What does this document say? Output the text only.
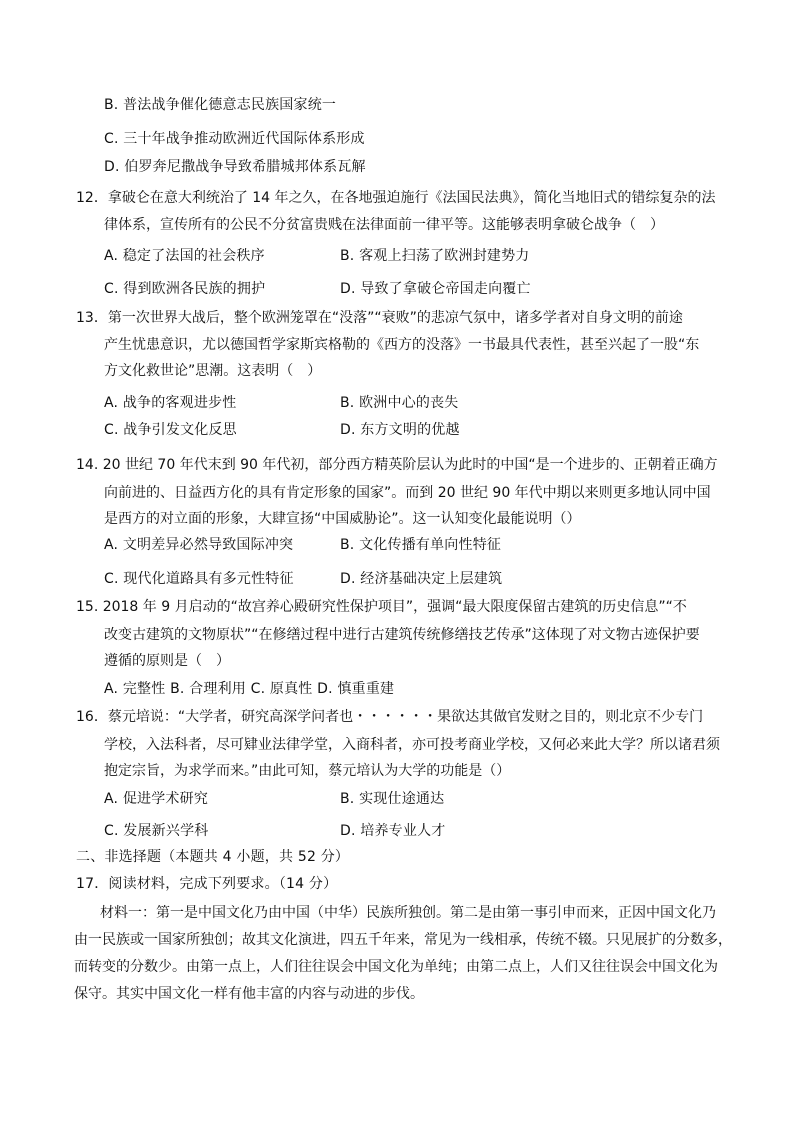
B. 普法战争催化德意志民族国家统一
C. 三十年战争推动欧洲近代国际体系形成
D. 伯罗奔尼撒战争导致希腊城邦体系瓦解
12．拿破仑在意大利统治了 14 年之久，在各地强迫施行《法国民法典》，简化当地旧式的错综复杂的法
律体系，宣传所有的公民不分贫富贵贱在法律面前一律平等。这能够表明拿破仑战争（　）
A. 稳定了法国的社会秩序	B. 客观上扫荡了欧洲封建势力
C. 得到欧洲各民族的拥护	D. 导致了拿破仑帝国走向覆亡
13．第一次世界大战后，整个欧洲笼罩在“没落”“衰败”的悲凉气氛中，诸多学者对自身文明的前途
产生忧患意识，尤以德国哲学家斯宾格勒的《西方的没落》一书最具代表性，甚至兴起了一股“东
方文化救世论”思潮。这表明（　）
A. 战争的客观进步性	B. 欧洲中心的丧失
C. 战争引发文化反思	D. 东方文明的优越
14. 20 世纪 70 年代末到 90 年代初，部分西方精英阶层认为此时的中国“是一个进步的、正朝着正确方
向前进的、日益西方化的具有肯定形象的国家”。而到 20 世纪 90 年代中期以来则更多地认同中国
是西方的对立面的形象，大肆宣扬“中国威胁论”。这一认知变化最能说明（）
A. 文明差异必然导致国际冲突	B. 文化传播有单向性特征
C. 现代化道路具有多元性特征	D. 经济基础决定上层建筑
15. 2018 年 9 月启动的“故宫养心殿研究性保护项目”，强调“最大限度保留古建筑的历史信息”“不
改变古建筑的文物原状”“在修缮过程中进行古建筑传统修缮技艺传承”这体现了对文物古迹保护要
遵循的原则是（　）
A. 完整性 B. 合理利用 C. 原真性 D. 慎重重建
16．蔡元培说：“大学者，研究高深学问者也・・・・・・果欲达其做官发财之目的，则北京不少专门
学校，入法科者，尽可肄业法律学堂，入商科者，亦可投考商业学校，又何必来此大学？所以诸君须
抱定宗旨，为求学而来。”由此可知，蔡元培认为大学的功能是（）
A. 促进学术研究	B. 实现仕途通达
C. 发展新兴学科	D. 培养专业人才
二、非选择题（本题共 4 小题，共 52 分）
17．阅读材料，完成下列要求。（14 分）
材料一：第一是中国文化乃由中国（中华）民族所独创。第二是由第一事引申而来，正因中国文化乃
由一民族或一国家所独创；故其文化演进，四五千年来，常见为一线相承，传统不辍。只见展扩的分数多，
而转变的分数少。由第一点上，人们往往误会中国文化为单纯；由第二点上，人们又往往误会中国文化为
保守。其实中国文化一样有他丰富的内容与动进的步伐。
